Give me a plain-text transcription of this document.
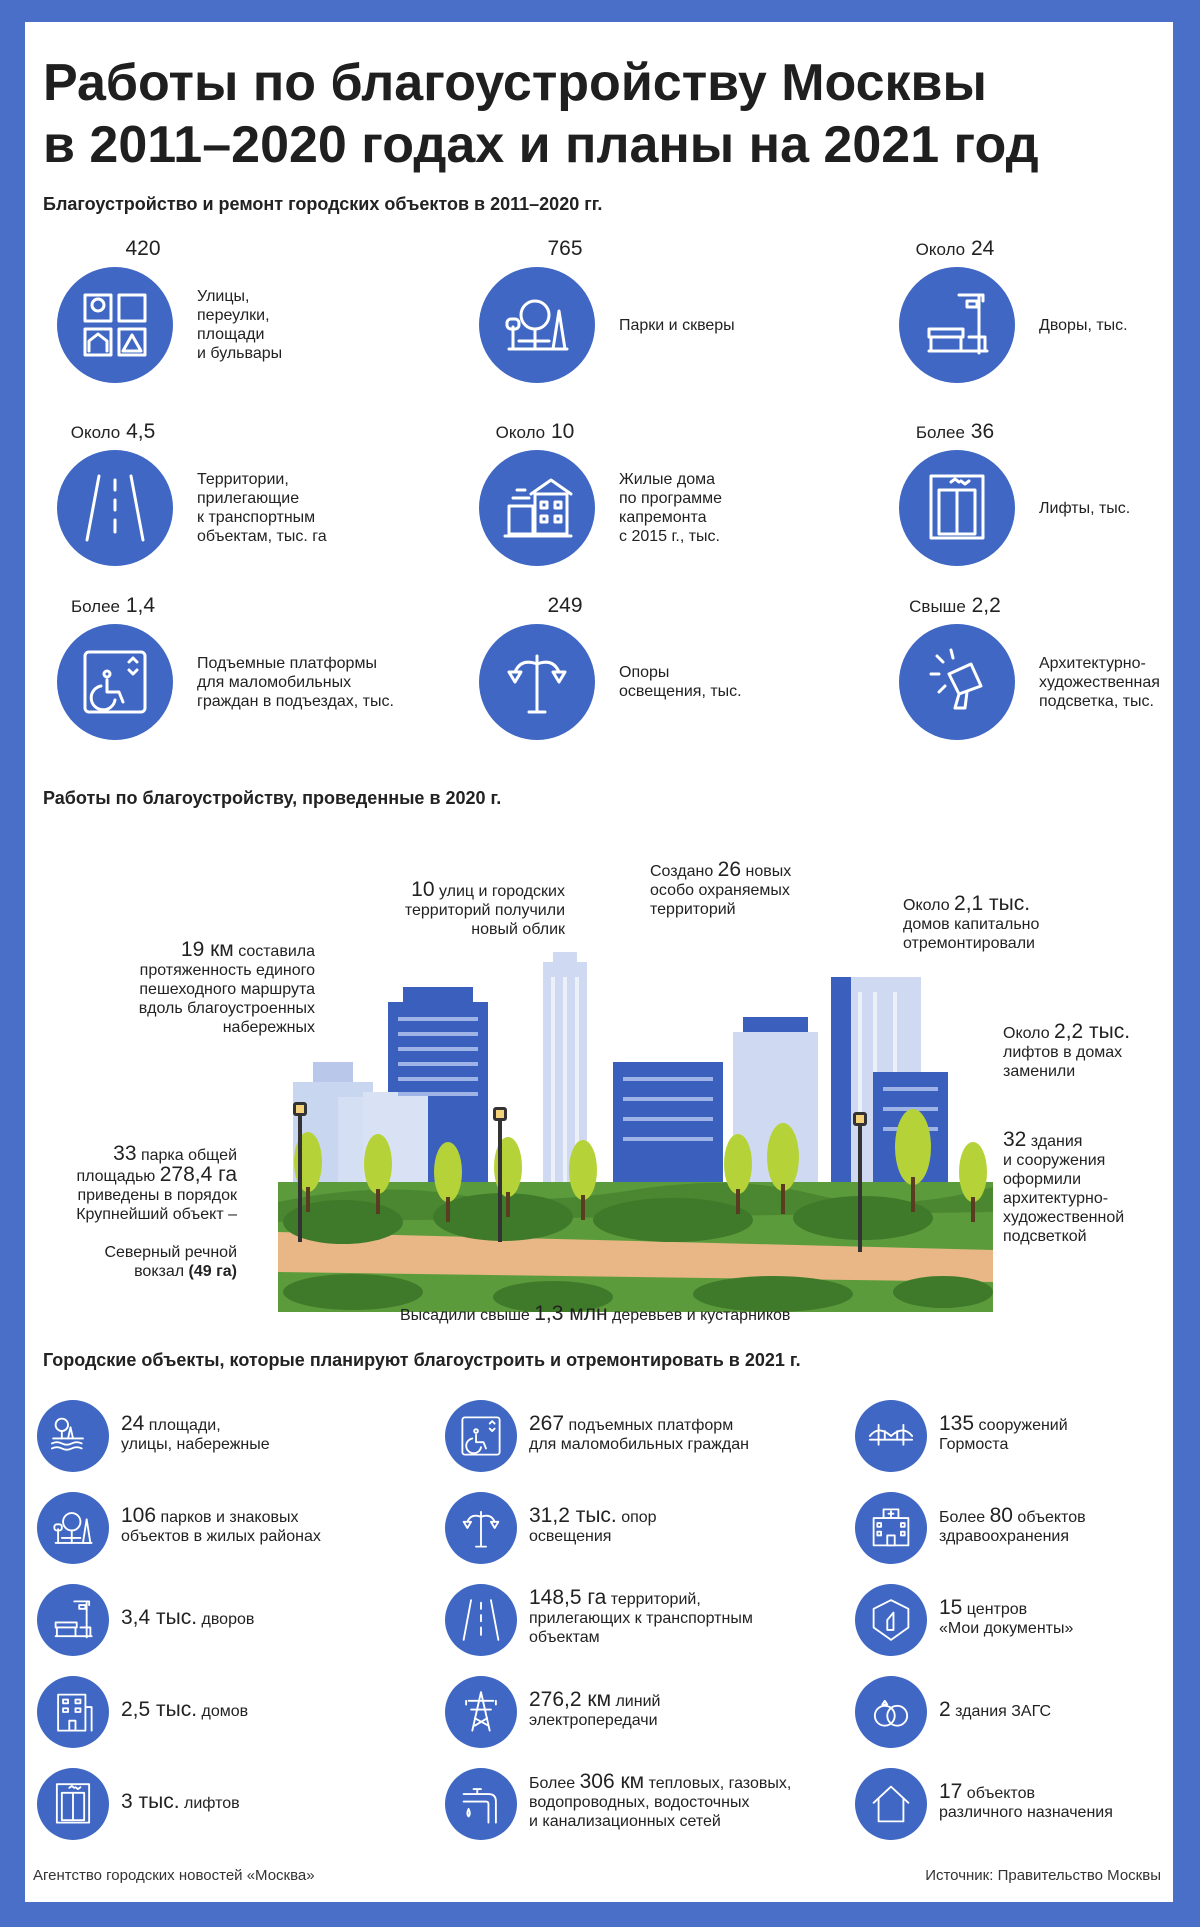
Работы по благоустройству Москвы
в 2011–2020 годах и планы на 2021 год
Благоустройство и ремонт городских объектов в 2011–2020 гг.
420
Улицы,
переулки,
площади
и бульвары
765
Парки и скверы
Около 24
Дворы, тыс.
Около 4,5
Территории,
прилегающие
к транспортным
объектам, тыс. га
Около 10
Жилые дома
по программе
капремонта
с 2015 г., тыс.
Более 36
Лифты, тыс.
Более 1,4
Подъемные платформы
для маломобильных
граждан в подъездах, тыс.
249
Опоры
освещения, тыс.
Свыше 2,2
Архитектурно-
художественная
подсветка, тыс.
Работы по благоустройству, проведенные в 2020 г.
10 улиц и городских
территорий получили
новый облик
Создано 26 новых
особо охраняемых
территорий
19 км составила
протяженность единого
пешеходного маршрута
вдоль благоустроенных
набережных
Около 2,1 тыс.
домов капитально
отремонтировали
Около 2,2 тыс.
лифтов в домах
заменили
32 здания
и сооружения
оформили
архитектурно-
художественной
подсветкой
33 парка общей
площадью 278,4 га
приведены в порядок
Крупнейший объект –

Северный речной
вокзал (49 га)
Высадили свыше 1,3 млн деревьев и кустарников
Городские объекты, которые планируют благоустроить и отремонтировать в 2021 г.
24 площади,
улицы, набережные
267 подъемных платформ
для маломобильных граждан
135 сооружений
Гормоста
106 парков и знаковых
объектов в жилых районах
31,2 тыс. опор
освещения
Более 80 объектов
здравоохранения
3,4 тыс. дворов
148,5 га территорий,
прилегающих к транспортным
объектам
15 центров
«Мои документы»
2,5 тыс. домов
276,2 км линий
электропередачи	2 здания ЗАГС
3 тыс. лифтов
Более 306 км тепловых, газовых,
водопроводных, водосточных
и канализационных сетей
17 объектов
различного назначения
Агентство городских новостей «Москва»	Источник: Правительство Москвы
